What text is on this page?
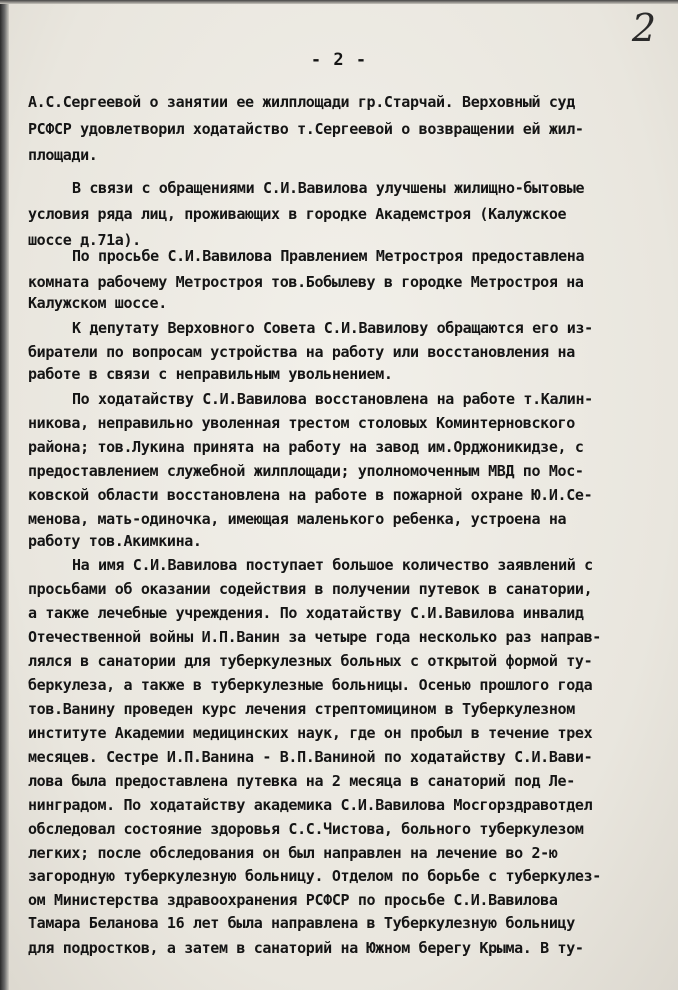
2
- 2 -
А.С.Сергеевой о занятии ее жилплощади гр.Старчай. Верховный суд
РСФСР удовлетворил ходатайство т.Сергеевой о возвращении ей жил-
площади.
В связи с обращениями С.И.Вавилова улучшены жилищно-бытовые
условия ряда лиц, проживающих в городке Академстроя (Калужское
шоссе д.71а).
По просьбе С.И.Вавилова Правлением Метростроя предоставлена
комната рабочему Метростроя тов.Бобылеву в городке Метростроя на
Калужском шоссе.
К депутату Верховного Совета С.И.Вавилову обращаются его из-
биратели по вопросам устройства на работу или восстановления на
работе в связи с неправильным увольнением.
По ходатайству С.И.Вавилова восстановлена на работе т.Калин-
никова, неправильно уволенная трестом столовых Коминтерновского
района; тов.Лукина принята на работу на завод им.Орджоникидзе, с
предоставлением служебной жилплощади; уполномоченным МВД по Мос-
ковской области восстановлена на работе в пожарной охране Ю.И.Се-
менова, мать-одиночка, имеющая маленького ребенка, устроена на
работу тов.Акимкина.
На имя С.И.Вавилова поступает большое количество заявлений с
просьбами об оказании содействия в получении путевок в санатории,
а также лечебные учреждения. По ходатайству С.И.Вавилова инвалид
Отечественной войны И.П.Ванин за четыре года несколько раз направ-
лялся в санатории для туберкулезных больных с открытой формой ту-
беркулеза, а также в туберкулезные больницы. Осенью прошлого года
тов.Ванину проведен курс лечения стрептомицином в Туберкулезном
институте Академии медицинских наук, где он пробыл в течение трех
месяцев. Сестре И.П.Ванина - В.П.Ваниной по ходатайству С.И.Вави-
лова была предоставлена путевка на 2 месяца в санаторий под Ле-
нинградом. По ходатайству академика С.И.Вавилова Мосгорздравотдел
обследовал состояние здоровья С.С.Чистова, больного туберкулезом
легких; после обследования он был направлен на лечение во 2-ю
загородную туберкулезную больницу. Отделом по борьбе с туберкулез-
ом Министерства здравоохранения РСФСР по просьбе С.И.Вавилова
Тамара Беланова 16 лет была направлена в Туберкулезную больницу
для подростков, а затем в санаторий на Южном берегу Крыма. В ту-
